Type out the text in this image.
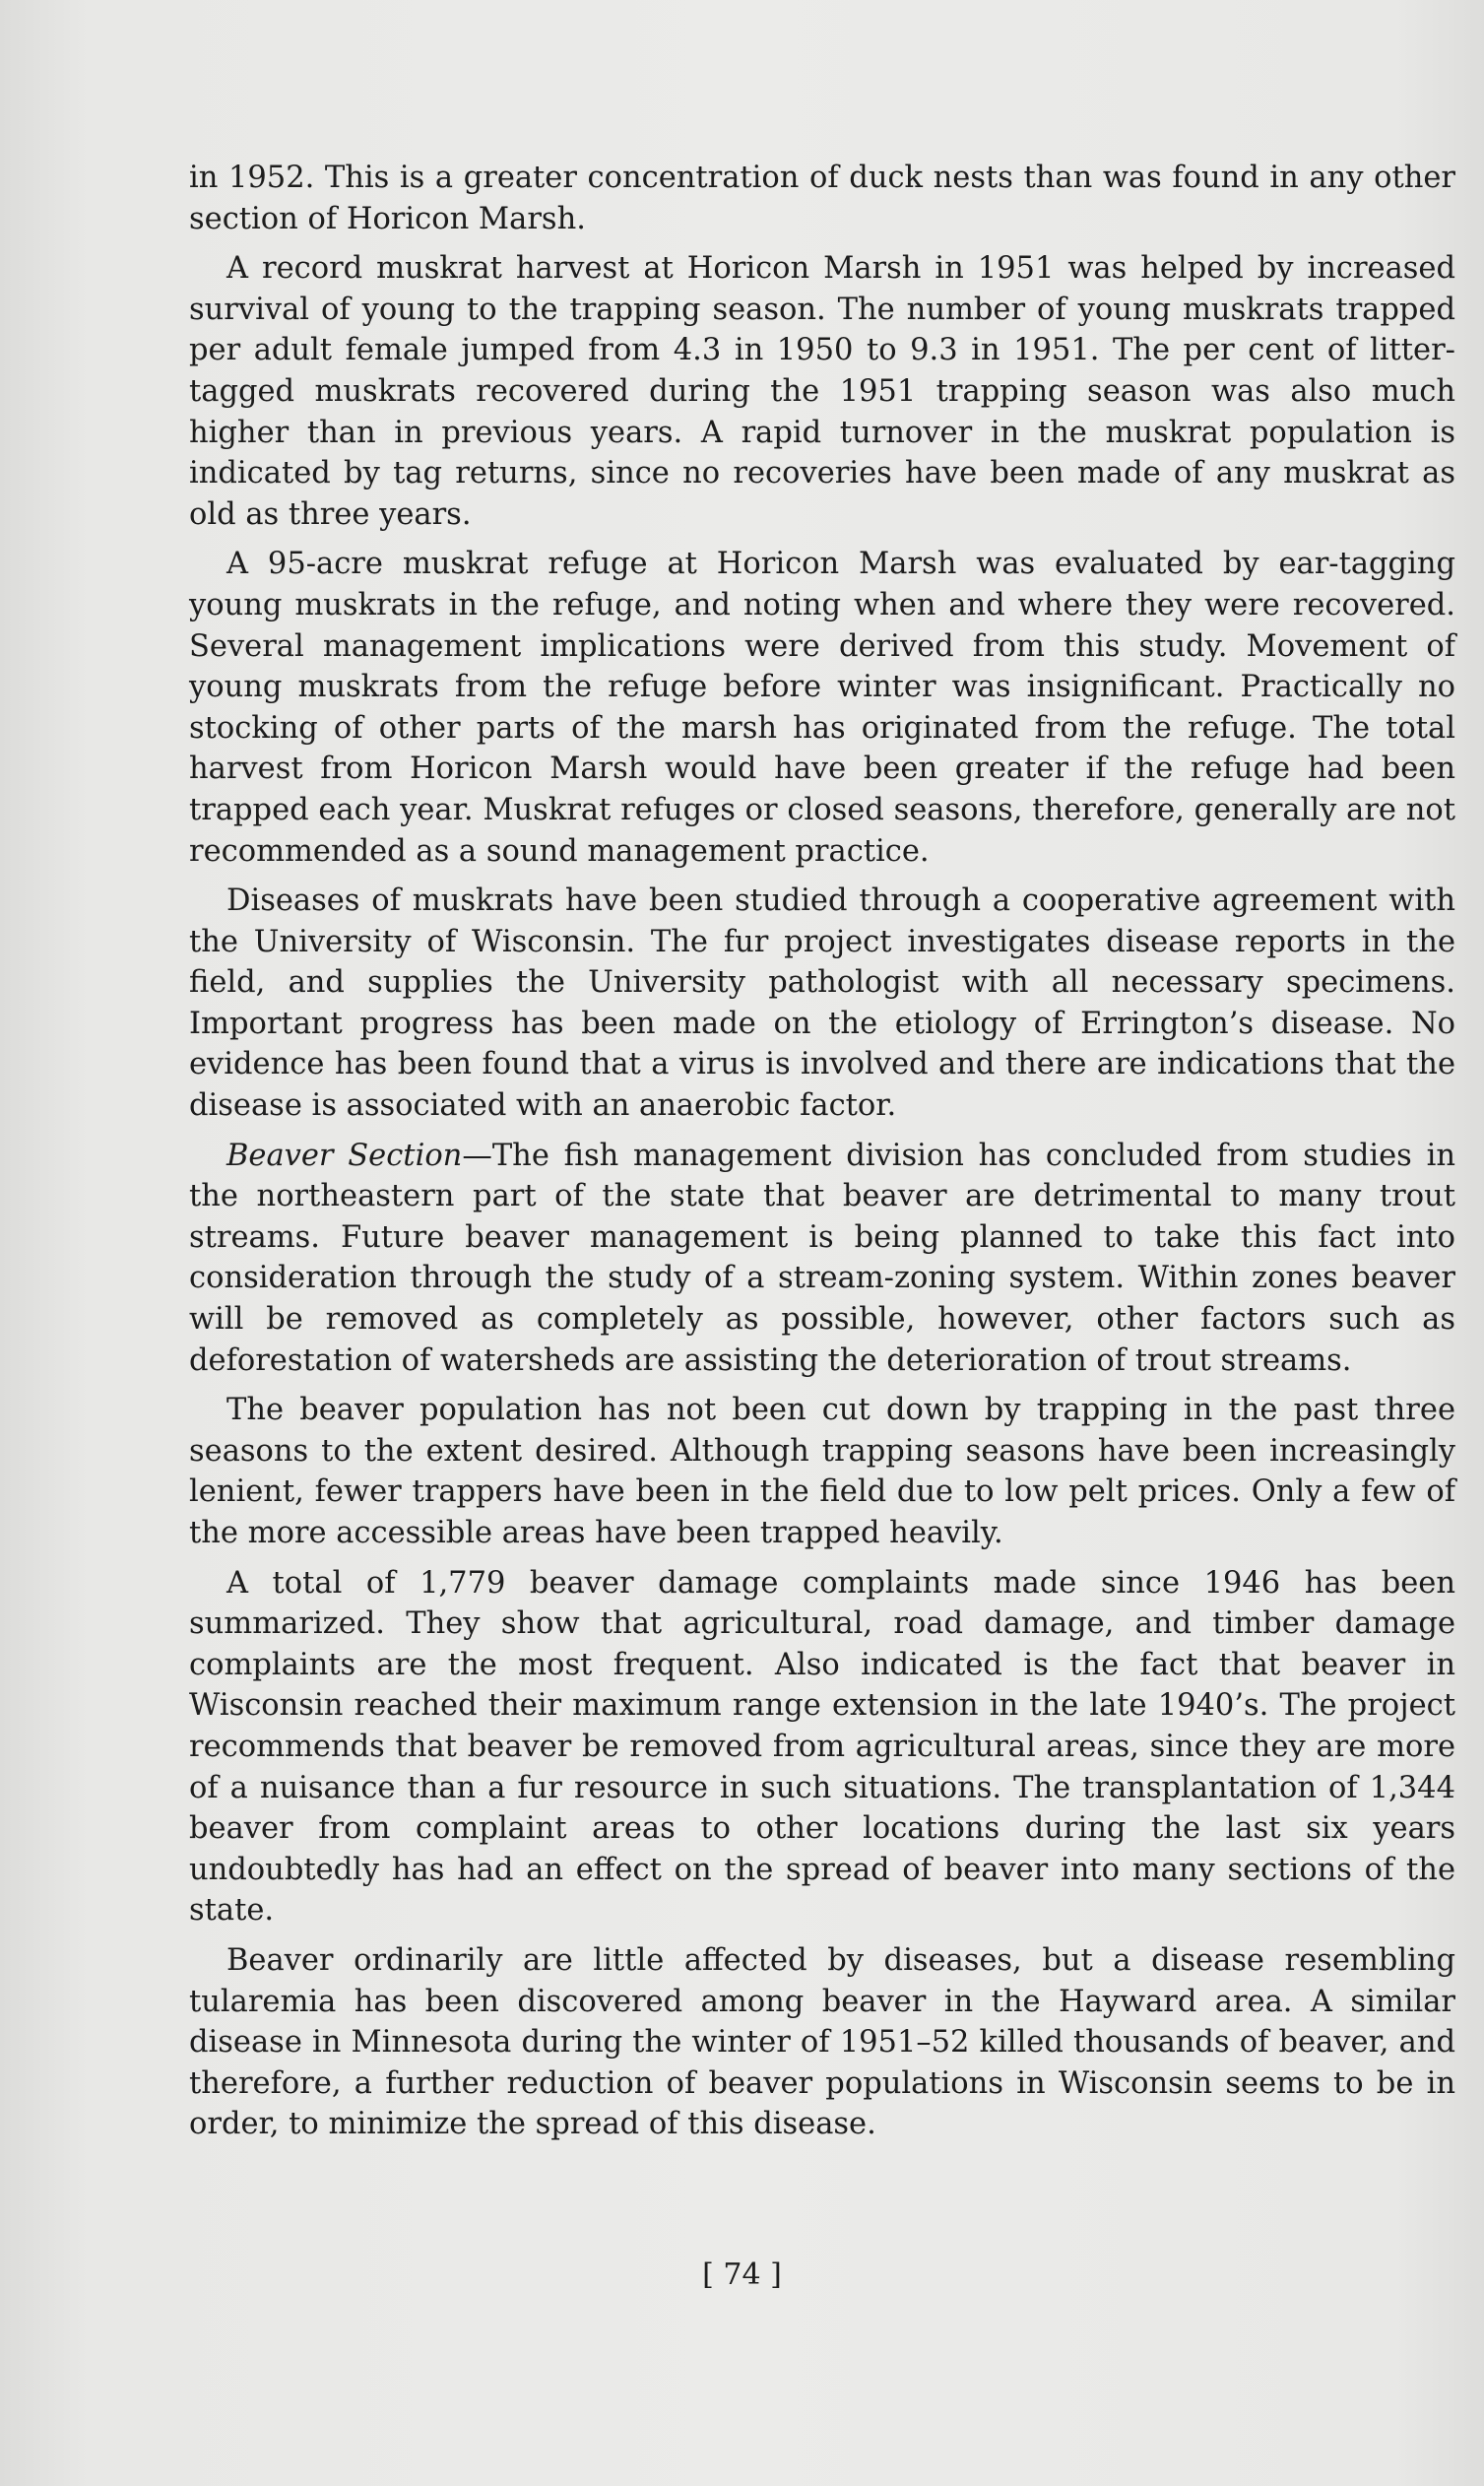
in 1952. This is a greater concentration of duck nests than was found in any other section of Horicon Marsh.

A record muskrat harvest at Horicon Marsh in 1951 was helped by increased survival of young to the trapping season. The number of young muskrats trapped per adult female jumped from 4.3 in 1950 to 9.3 in 1951. The per cent of litter-tagged muskrats recovered during the 1951 trapping season was also much higher than in previous years. A rapid turnover in the muskrat population is indicated by tag returns, since no recoveries have been made of any muskrat as old as three years.

A 95-acre muskrat refuge at Horicon Marsh was evaluated by ear-tagging young muskrats in the refuge, and noting when and where they were recovered. Several management implications were derived from this study. Movement of young muskrats from the refuge before winter was insignificant. Practically no stocking of other parts of the marsh has originated from the refuge. The total harvest from Horicon Marsh would have been greater if the refuge had been trapped each year. Muskrat refuges or closed seasons, therefore, generally are not recommended as a sound management practice.

Diseases of muskrats have been studied through a cooperative agreement with the University of Wisconsin. The fur project investigates disease reports in the field, and supplies the University pathologist with all necessary specimens. Important progress has been made on the etiology of Errington’s disease. No evidence has been found that a virus is involved and there are indications that the disease is associated with an anaerobic factor.

Beaver Section—The fish management division has concluded from studies in the northeastern part of the state that beaver are detrimental to many trout streams. Future beaver management is being planned to take this fact into consideration through the study of a stream-zoning system. Within zones beaver will be removed as completely as possible, however, other factors such as deforestation of watersheds are assisting the deterioration of trout streams.

The beaver population has not been cut down by trapping in the past three seasons to the extent desired. Although trapping seasons have been increasingly lenient, fewer trappers have been in the field due to low pelt prices. Only a few of the more accessible areas have been trapped heavily.

A total of 1,779 beaver damage complaints made since 1946 has been summarized. They show that agricultural, road damage, and timber damage complaints are the most frequent. Also indicated is the fact that beaver in Wisconsin reached their maximum range extension in the late 1940’s. The project recommends that beaver be removed from agricultural areas, since they are more of a nuisance than a fur resource in such situations. The transplantation of 1,344 beaver from complaint areas to other locations during the last six years undoubtedly has had an effect on the spread of beaver into many sections of the state.

Beaver ordinarily are little affected by diseases, but a disease resembling tularemia has been discovered among beaver in the Hayward area. A similar disease in Minnesota during the winter of 1951–52 killed thousands of beaver, and therefore, a further reduction of beaver populations in Wisconsin seems to be in order, to minimize the spread of this disease.

[ 74 ]
